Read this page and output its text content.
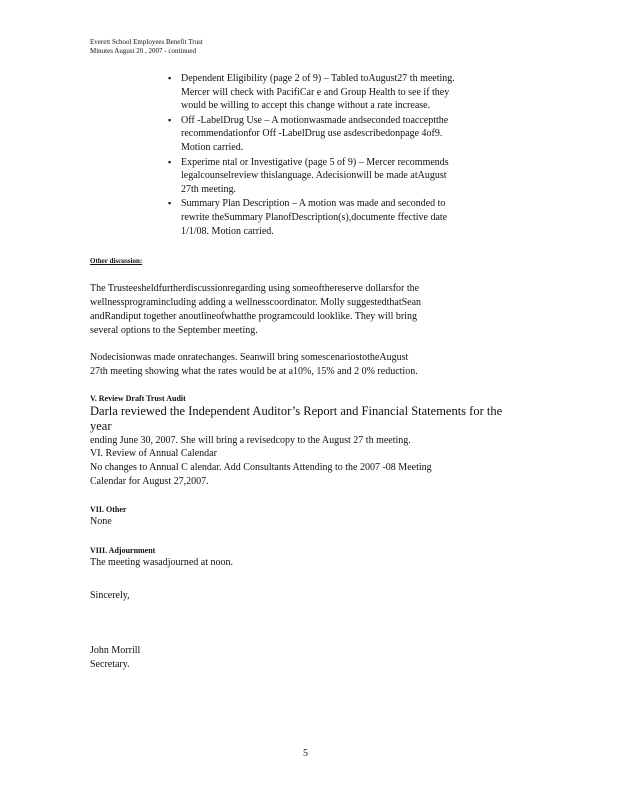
Everett School Employees Benefit Trust
Minutes August 20 , 2007 - continued
▪ Dependent Eligibility (page 2 of 9) – Tabled toAugust27 th meeting.

Mercer will check with PacifiCar e and Group Health to see if they

would be willing to accept this change without a rate increase.

▪ Off -LabelDrug Use – A motionwasmade andseconded toacceptthe

recommendationfor Off -LabelDrug use asdescribedonpage 4of9.

Motion carried.

▪ Experime ntal or Investigative (page 5 of 9) – Mercer recommends

legalcounselreview thislanguage. Adecisionwill be made atAugust

27th meeting.

▪ Summary Plan Description – A motion was made and seconded to

rewrite theSummary PlanofDescription(s),documente ffective date

1/1/08. Motion carried.

Other discussion:

The Trusteesheldfurtherdiscussionregarding using someofthereserve dollarsfor the

wellnessprogramincluding adding a wellnesscoordinator. Molly suggestedthatSean

andRandiput together anoutlineofwhatthe programcould looklike. They will bring

several options to the September meeting.

Nodecisionwas made onratechanges. Seanwill bring somescenariostotheAugust

27th meeting showing what the rates would be at a10%, 15% and 2 0% reduction.

V. Review Draft Trust Audit

Darla reviewed the Independent Auditor’s Report and Financial Statements for the year

ending June 30, 2007. She will bring a revisedcopy to the August 27 th meeting.

VI. Review of Annual Calendar

No changes to Annual C alendar. Add Consultants Attending to the 2007 -08 Meeting

Calendar for August 27,2007.

VII. Other

None

VIII. Adjournment

The meeting wasadjourned at noon.

Sincerely,

John Morrill

Secretary.

5
